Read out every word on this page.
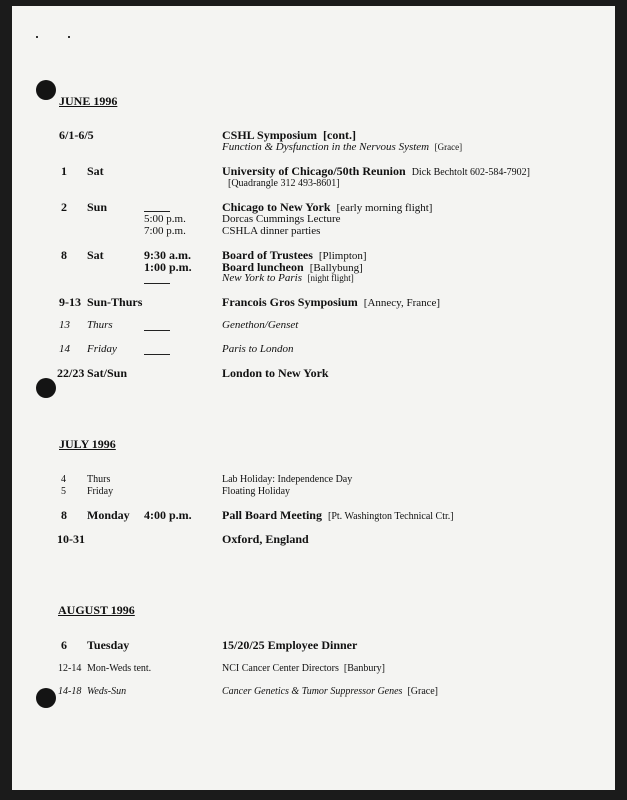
JUNE 1996
6/1-6/5	CSHL Symposium [cont.]
Function & Dysfunction in the Nervous System [Grace]
1 Sat	University of Chicago/50th Reunion Dick Bechtolt 602-584-7902]
[Quadrangle 312 493-8601]
2 Sun	Chicago to New York [early morning flight]
5:00 p.m.	Dorcas Cummings Lecture
7:00 p.m.	CSHLA dinner parties
8 Sat	9:30 a.m.	Board of Trustees [Plimpton]
1:00 p.m.	Board luncheon [Ballybung]
New York to Paris [night flight]
9-13 Sun-Thurs	Francois Gros Symposium [Annecy, France]
13 Thurs	Genethon/Genset
14 Friday	Paris to London
22/23 Sat/Sun	London to New York
JULY 1996
4 Thurs	Lab Holiday: Independence Day
5 Friday	Floating Holiday
8 Monday 4:00 p.m.	Pall Board Meeting [Pt. Washington Technical Ctr.]
10-31	Oxford, England
AUGUST 1996
6 Tuesday	15/20/25 Employee Dinner
12-14 Mon-Weds tent.	NCI Cancer Center Directors [Banbury]
14-18 Weds-Sun	Cancer Genetics & Tumor Suppressor Genes [Grace]
